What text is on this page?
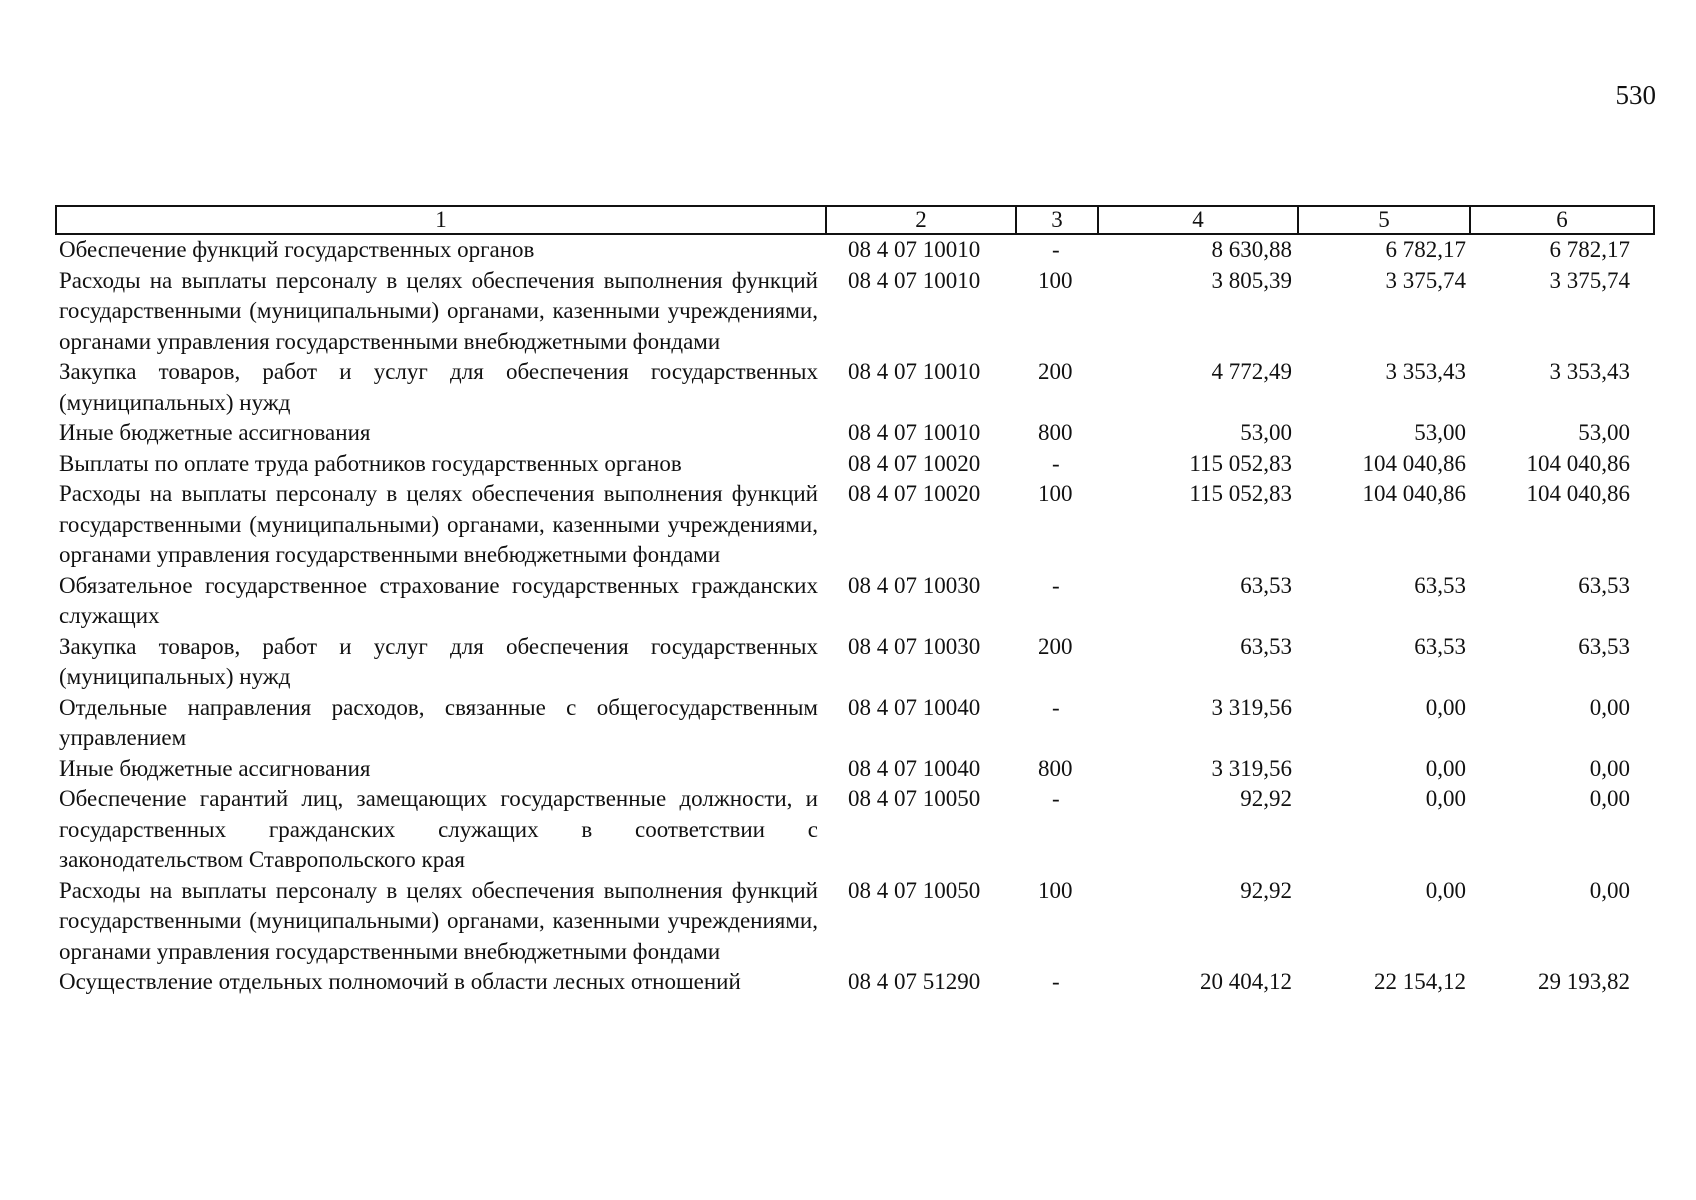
530
1	2	3	4	5	6
Обеспечение функций государственных органов	08 4 07 10010	-	8 630,88	6 782,17	6 782,17
Расходы на выплаты персоналу в целях обеспечения выполнения функций государственными (муниципальными) органами, казенными учреждениями, органами управления государственными внебюджетными фондами	08 4 07 10010	100	3 805,39	3 375,74	3 375,74
Закупка товаров, работ и услуг для обеспечения государственных (муниципальных) нужд	08 4 07 10010	200	4 772,49	3 353,43	3 353,43
Иные бюджетные ассигнования	08 4 07 10010	800	53,00	53,00	53,00
Выплаты по оплате труда работников государственных органов	08 4 07 10020	-	115 052,83	104 040,86	104 040,86
Расходы на выплаты персоналу в целях обеспечения выполнения функций государственными (муниципальными) органами, казенными учреждениями, органами управления государственными внебюджетными фондами	08 4 07 10020	100	115 052,83	104 040,86	104 040,86
Обязательное государственное страхование государственных гражданских служащих	08 4 07 10030	-	63,53	63,53	63,53
Закупка товаров, работ и услуг для обеспечения государственных (муниципальных) нужд	08 4 07 10030	200	63,53	63,53	63,53
Отдельные направления расходов, связанные с общегосударственным управлением	08 4 07 10040	-	3 319,56	0,00	0,00
Иные бюджетные ассигнования	08 4 07 10040	800	3 319,56	0,00	0,00
Обеспечение гарантий лиц, замещающих государственные должности, и государственных гражданских служащих в соответствии с законодательством Ставропольского края	08 4 07 10050	-	92,92	0,00	0,00
Расходы на выплаты персоналу в целях обеспечения выполнения функций государственными (муниципальными) органами, казенными учреждениями, органами управления государственными внебюджетными фондами	08 4 07 10050	100	92,92	0,00	0,00
Осуществление отдельных полномочий в области лесных отношений	08 4 07 51290	-	20 404,12	22 154,12	29 193,82
